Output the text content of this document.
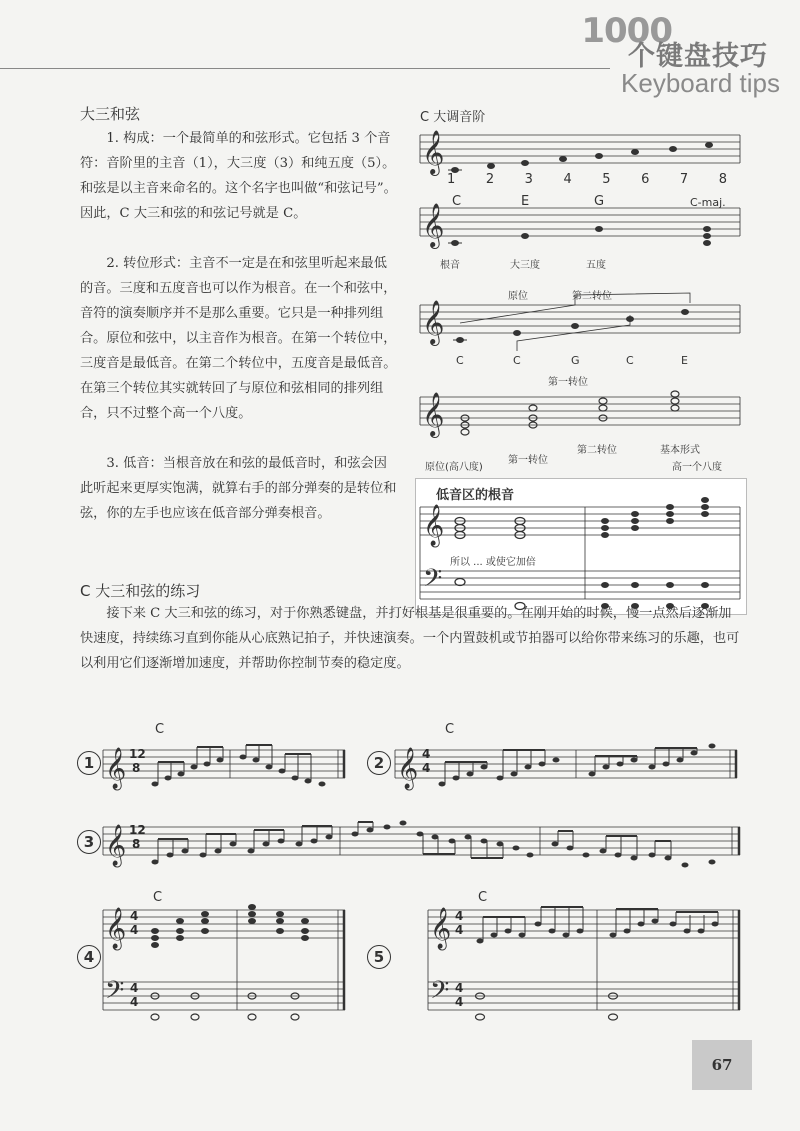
1000
个键盘技巧
Keyboard tips
大三和弦

1. 构成：一个最简单的和弦形式。它包括 3 个音符：音阶里的主音（1），大三度（3）和纯五度（5）。和弦是以主音来命名的。这个名字也叫做“和弦记号”。因此，C 大三和弦的和弦记号就是 C。

2. 转位形式：主音不一定是在和弦里听起来最低的音。三度和五度音也可以作为根音。在一个和弦中，音符的演奏顺序并不是那么重要。它只是一种排列组合。原位和弦中，以主音作为根音。在第一个转位中，三度音是最低音。在第二个转位中，五度音是最低音。在第三个转位其实就转回了与原位和弦相同的排列组合，只不过整个高一个八度。

3. 低音：当根音放在和弦的最低音时，和弦会因此听起来更厚实饱满，就算右手的部分弹奏的是转位和弦，你的左手也应该在低音部分弹奏根音。

C 大调音阶
𝄞
𝄞
𝄞
𝄞
1 2 3 4 5 6 7 8
C	E	G	C-maj.
根音	大三度	五度
原位	第二转位
第一转位
C	C	G	C	E
原位(高八度)
第一转位
第二转位	基本形式
高一个八度
低音区的根音
𝄞
𝄢
所以 ... 或使它加倍
C 大三和弦的练习

接下来 C 大三和弦的练习，对于你熟悉键盘，并打好根基是很重要的。在刚开始的时候，慢一点然后逐渐加快速度，持续练习直到你能从心底熟记拍子，并快速演奏。一个内置鼓机或节拍器可以给你带来练习的乐趣，也可以利用它们逐渐增加速度，并帮助你控制节奏的稳定度。

1
C
𝄞 12
8	2
C
𝄞 4
4
3 𝄞 12
8
4
C
𝄞
𝄢
4
4
4
4
5
C
𝄞
𝄢
4
4
4
4
67
